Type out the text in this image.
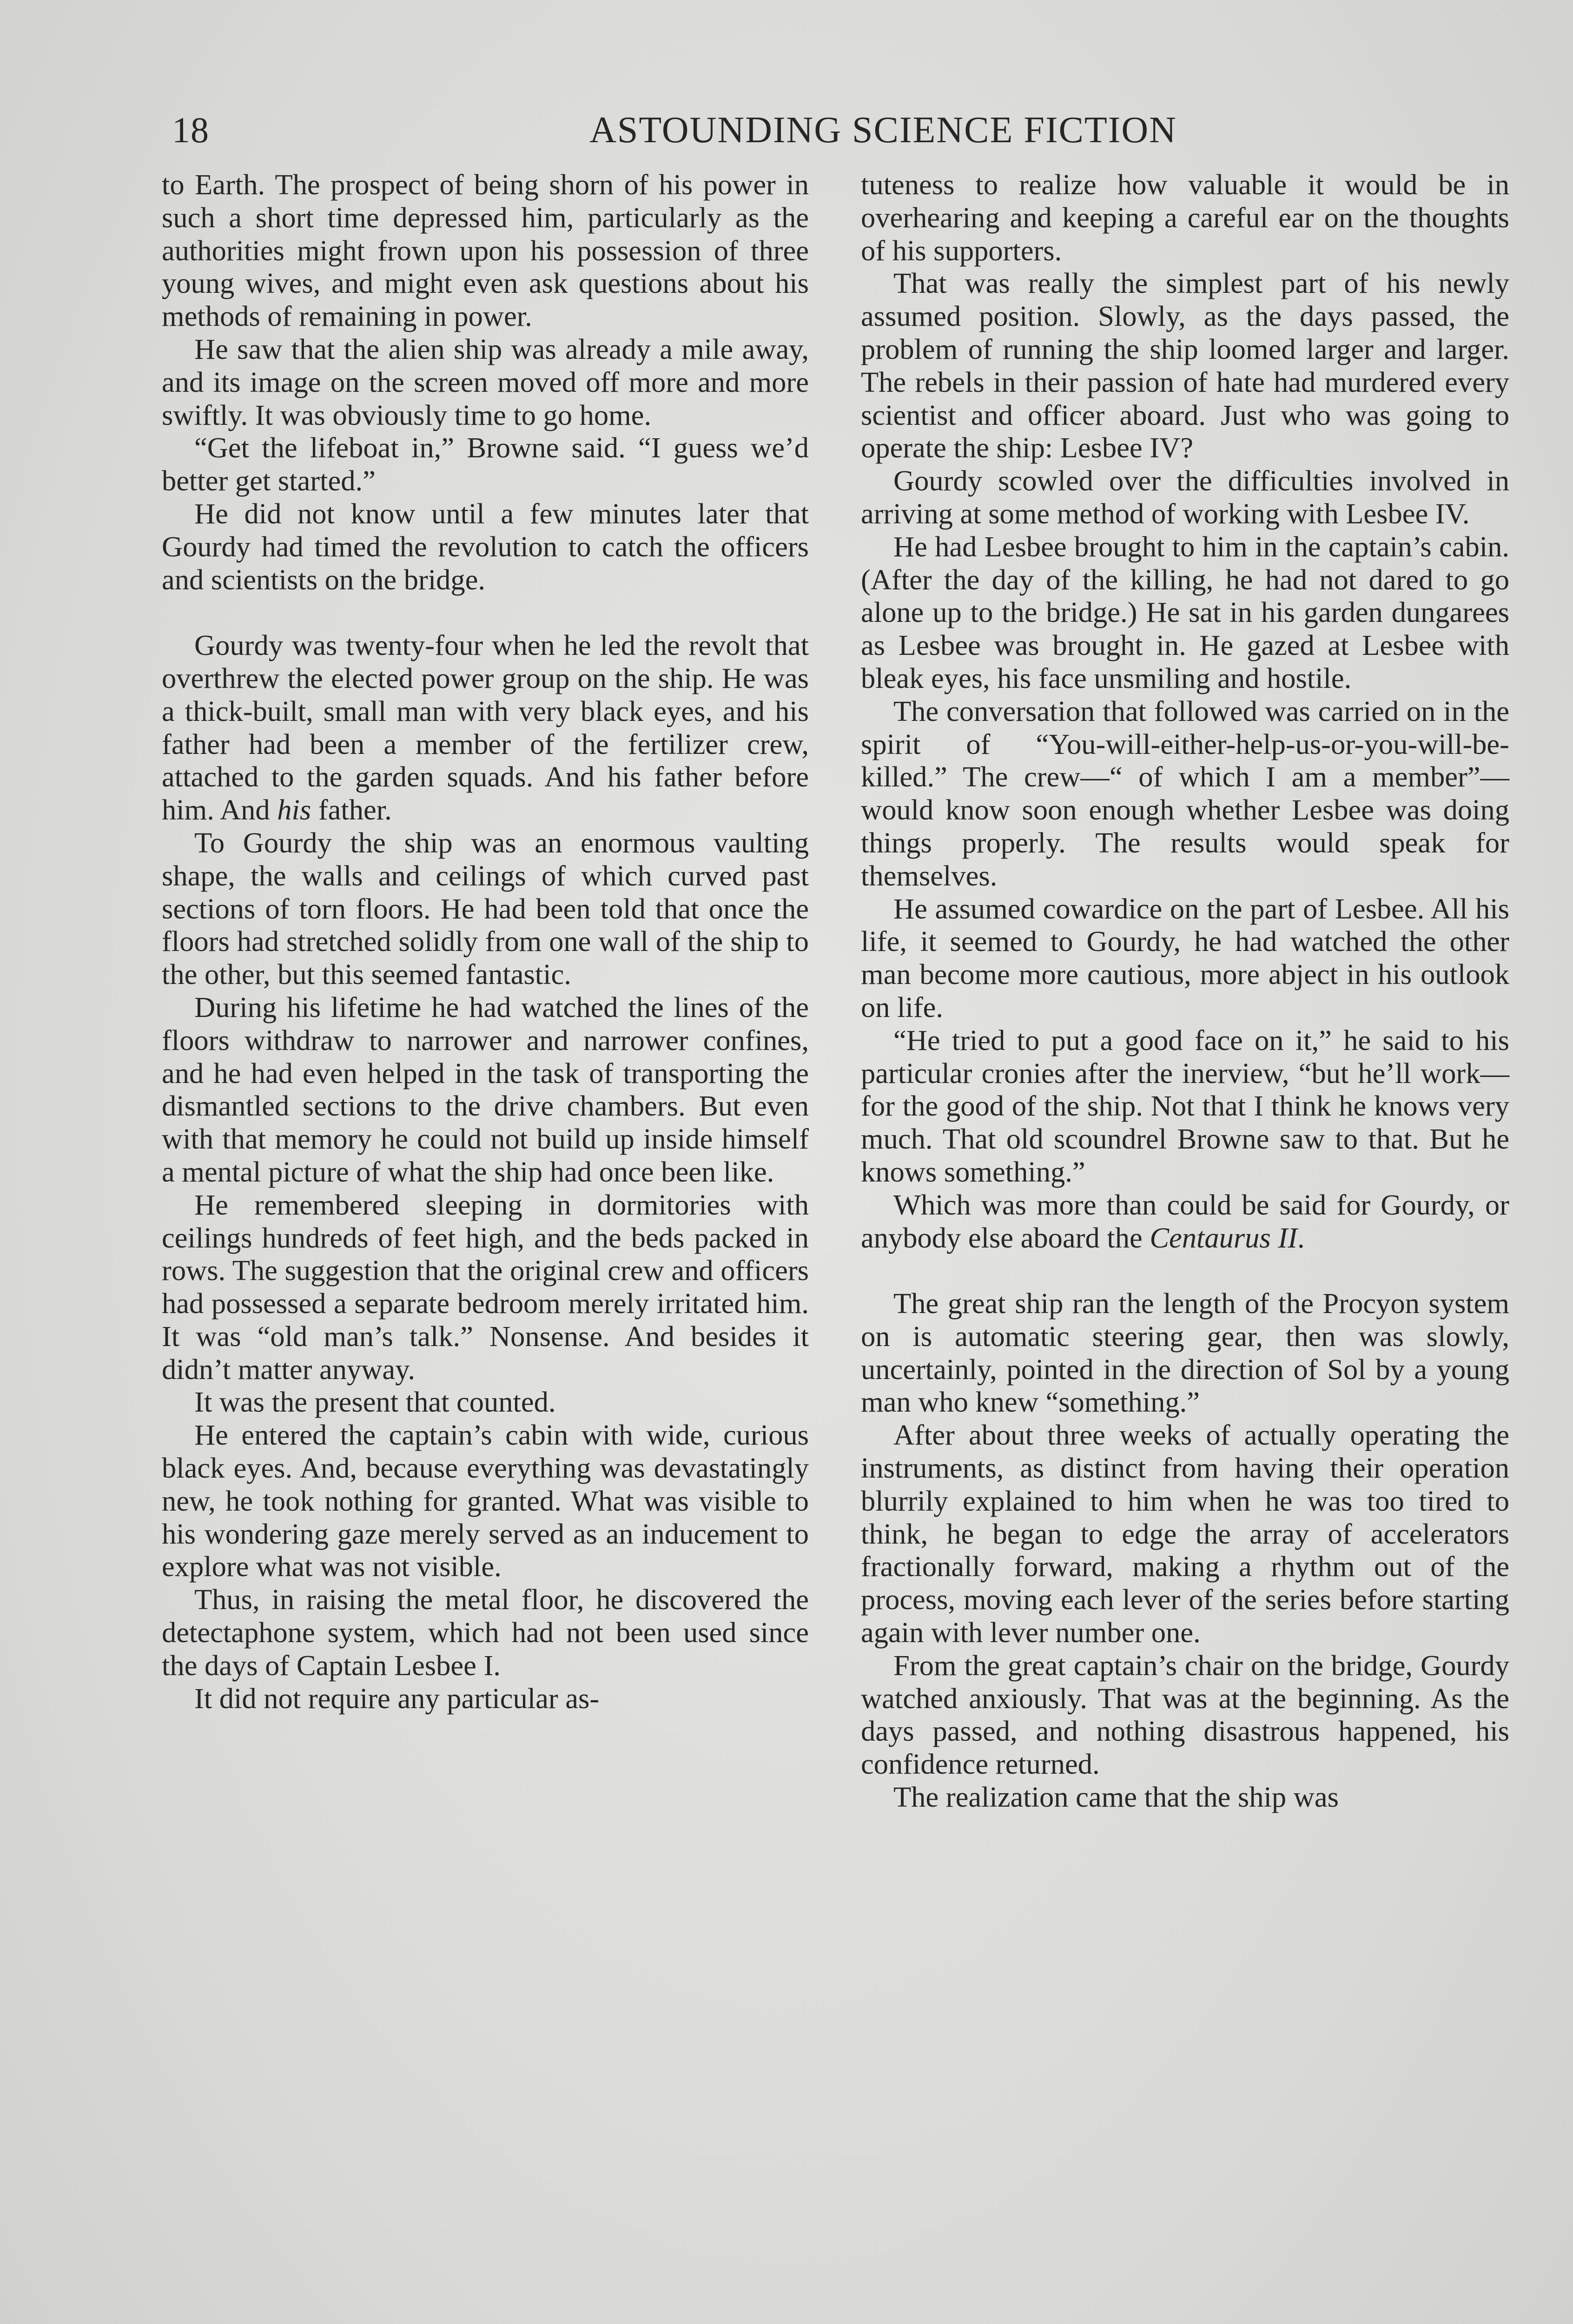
18	ASTOUNDING SCIENCE FICTION

to Earth. The prospect of being shorn of his power in such a short time depressed him, particularly as the authorities might frown upon his possession of three young wives, and might even ask questions about his methods of remaining in power.

He saw that the alien ship was already a mile away, and its image on the screen moved off more and more swiftly. It was obviously time to go home.

“Get the lifeboat in,” Browne said. “I guess we’d better get started.”

He did not know until a few minutes later that Gourdy had timed the revolution to catch the officers and scientists on the bridge.

Gourdy was twenty-four when he led the revolt that overthrew the elected power group on the ship. He was a thick-built, small man with very black eyes, and his father had been a member of the fertilizer crew, attached to the garden squads. And his father before him. And his father.

To Gourdy the ship was an enormous vaulting shape, the walls and ceilings of which curved past sections of torn floors. He had been told that once the floors had stretched solidly from one wall of the ship to the other, but this seemed fantastic.

During his lifetime he had watched the lines of the floors withdraw to narrower and narrower confines, and he had even helped in the task of transporting the dismantled sections to the drive chambers. But even with that memory he could not build up inside himself a mental picture of what the ship had once been like.

He remembered sleeping in dormitories with ceilings hundreds of feet high, and the beds packed in rows. The suggestion that the original crew and officers had possessed a separate bedroom merely irritated him. It was “old man’s talk.” Nonsense. And besides it didn’t matter anyway.

It was the present that counted.

He entered the captain’s cabin with wide, curious black eyes. And, because everything was devastatingly new, he took nothing for granted. What was visible to his wondering gaze merely served as an inducement to explore what was not visible.

Thus, in raising the metal floor, he discovered the detectaphone system, which had not been used since the days of Captain Lesbee I.

It did not require any particular as-

tuteness to realize how valuable it would be in overhearing and keeping a careful ear on the thoughts of his supporters.

That was really the simplest part of his newly assumed position. Slowly, as the days passed, the problem of running the ship loomed larger and larger. The rebels in their passion of hate had murdered every scientist and officer aboard. Just who was going to operate the ship: Lesbee IV?

Gourdy scowled over the difficulties involved in arriving at some method of working with Lesbee IV.

He had Lesbee brought to him in the captain’s cabin. (After the day of the killing, he had not dared to go alone up to the bridge.) He sat in his garden dungarees as Lesbee was brought in. He gazed at Lesbee with bleak eyes, his face unsmiling and hostile.

The conversation that followed was carried on in the spirit of “You-will-either-help-us-or-you-will-be-killed.” The crew—“ of which I am a member”—would know soon enough whether Lesbee was doing things properly. The results would speak for themselves.

He assumed cowardice on the part of Lesbee. All his life, it seemed to Gourdy, he had watched the other man become more cautious, more abject in his outlook on life.

“He tried to put a good face on it,” he said to his particular cronies after the inerview, “but he’ll work—for the good of the ship. Not that I think he knows very much. That old scoundrel Browne saw to that. But he knows something.”

Which was more than could be said for Gourdy, or anybody else aboard the Centaurus II.

The great ship ran the length of the Procyon system on is automatic steering gear, then was slowly, uncertainly, pointed in the direction of Sol by a young man who knew “something.”

After about three weeks of actually operating the instruments, as distinct from having their operation blurrily explained to him when he was too tired to think, he began to edge the array of accelerators fractionally forward, making a rhythm out of the process, moving each lever of the series before starting again with lever number one.

From the great captain’s chair on the bridge, Gourdy watched anxiously. That was at the beginning. As the days passed, and nothing disastrous happened, his confidence returned.

The realization came that the ship was
